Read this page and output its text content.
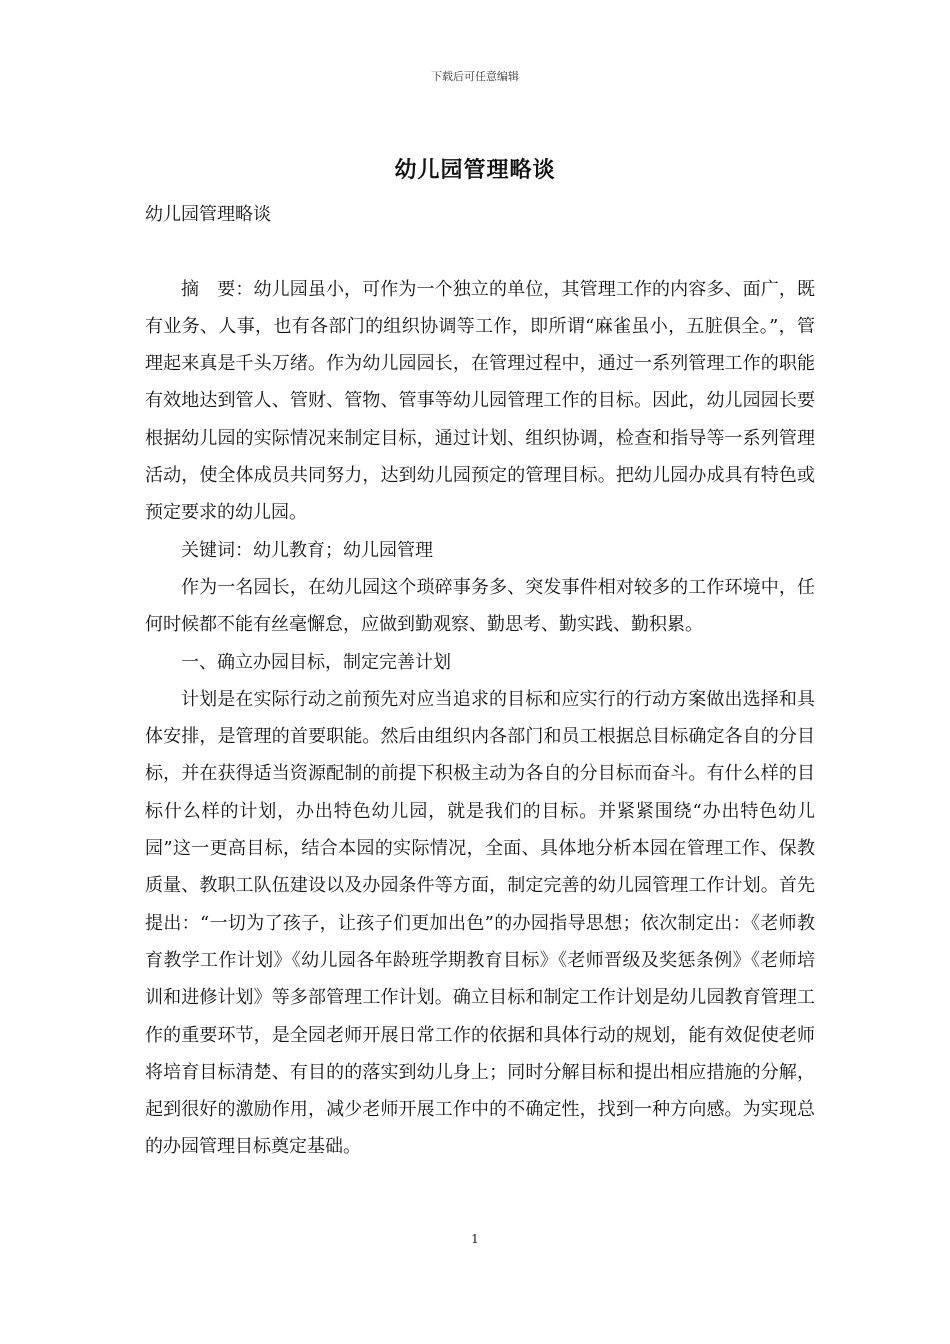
下载后可任意编辑
幼儿园管理略谈

幼儿园管理略谈

摘　要：幼儿园虽小，可作为一个独立的单位，其管理工作的内容多、面广，既有业务、人事，也有各部门的组织协调等工作，即所谓“麻雀虽小，五脏俱全。”，管理起来真是千头万绪。作为幼儿园园长，在管理过程中，通过一系列管理工作的职能有效地达到管人、管财、管物、管事等幼儿园管理工作的目标。因此，幼儿园园长要根据幼儿园的实际情况来制定目标，通过计划、组织协调，检查和指导等一系列管理活动，使全体成员共同努力，达到幼儿园预定的管理目标。把幼儿园办成具有特色或预定要求的幼儿园。

关键词：幼儿教育；幼儿园管理

作为一名园长，在幼儿园这个琐碎事务多、突发事件相对较多的工作环境中，任何时候都不能有丝毫懈怠，应做到勤观察、勤思考、勤实践、勤积累。

一、确立办园目标，制定完善计划

计划是在实际行动之前预先对应当追求的目标和应实行的行动方案做出选择和具体安排，是管理的首要职能。然后由组织内各部门和员工根据总目标确定各自的分目标，并在获得适当资源配制的前提下积极主动为各自的分目标而奋斗。有什么样的目标什么样的计划，办出特色幼儿园，就是我们的目标。并紧紧围绕“办出特色幼儿园”这一更高目标，结合本园的实际情况，全面、具体地分析本园在管理工作、保教质量、教职工队伍建设以及办园条件等方面，制定完善的幼儿园管理工作计划。首先提出：“一切为了孩子，让孩子们更加出色”的办园指导思想；依次制定出：《老师教育教学工作计划》《幼儿园各年龄班学期教育目标》《老师晋级及奖惩条例》《老师培训和进修计划》等多部管理工作计划。确立目标和制定工作计划是幼儿园教育管理工作的重要环节，是全园老师开展日常工作的依据和具体行动的规划，能有效促使老师将培育目标清楚、有目的的落实到幼儿身上；同时分解目标和提出相应措施的分解，起到很好的激励作用，减少老师开展工作中的不确定性，找到一种方向感。为实现总的办园管理目标奠定基础。

1
